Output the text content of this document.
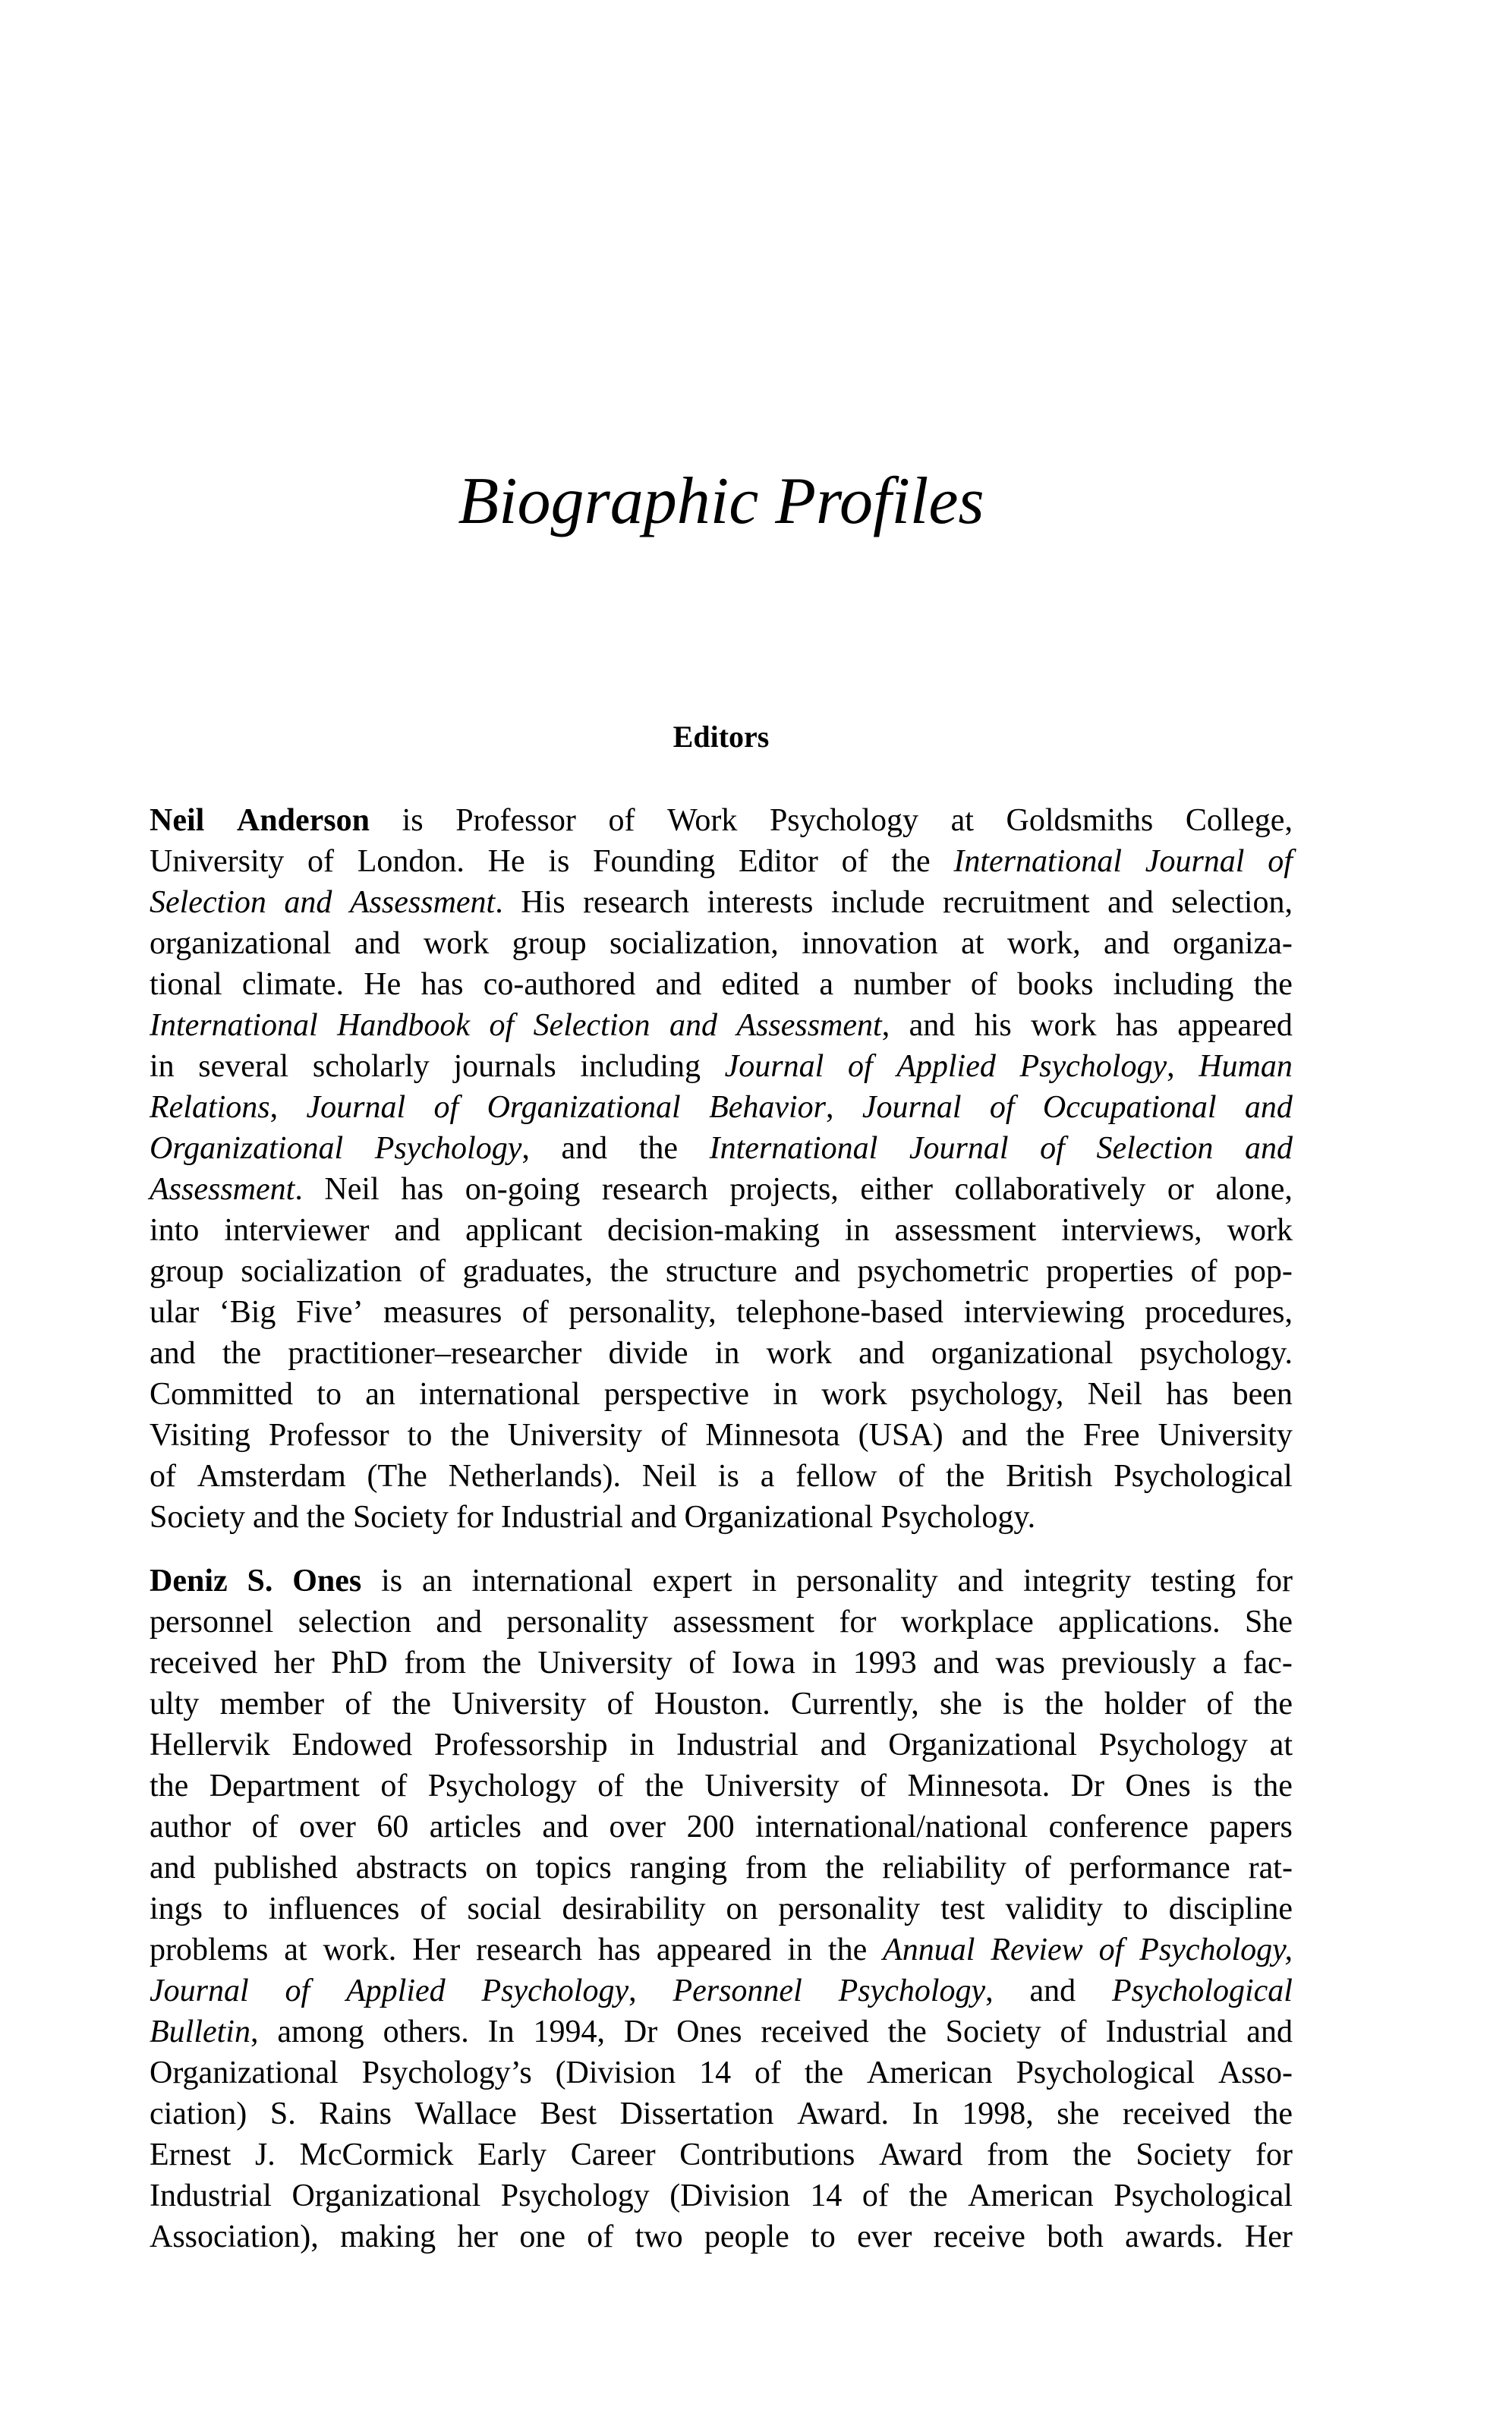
Biographic Profiles
Editors
Neil Anderson is Professor of Work Psychology at Goldsmiths College,
University of London. He is Founding Editor of the International Journal of
Selection and Assessment. His research interests include recruitment and selection,
organizational and work group socialization, innovation at work, and organiza-
tional climate. He has co-authored and edited a number of books including the
International Handbook of Selection and Assessment, and his work has appeared
in several scholarly journals including Journal of Applied Psychology, Human
Relations, Journal of Organizational Behavior, Journal of Occupational and
Organizational Psychology, and the International Journal of Selection and
Assessment. Neil has on-going research projects, either collaboratively or alone,
into interviewer and applicant decision-making in assessment interviews, work
group socialization of graduates, the structure and psychometric properties of pop-
ular ‘Big Five’ measures of personality, telephone-based interviewing procedures,
and the practitioner–researcher divide in work and organizational psychology.
Committed to an international perspective in work psychology, Neil has been
Visiting Professor to the University of Minnesota (USA) and the Free University
of Amsterdam (The Netherlands). Neil is a fellow of the British Psychological
Society and the Society for Industrial and Organizational Psychology.
Deniz S. Ones is an international expert in personality and integrity testing for
personnel selection and personality assessment for workplace applications. She
received her PhD from the University of Iowa in 1993 and was previously a fac-
ulty member of the University of Houston. Currently, she is the holder of the
Hellervik Endowed Professorship in Industrial and Organizational Psychology at
the Department of Psychology of the University of Minnesota. Dr Ones is the
author of over 60 articles and over 200 international/national conference papers
and published abstracts on topics ranging from the reliability of performance rat-
ings to influences of social desirability on personality test validity to discipline
problems at work. Her research has appeared in the Annual Review of Psychology,
Journal of Applied Psychology, Personnel Psychology, and Psychological
Bulletin, among others. In 1994, Dr Ones received the Society of Industrial and
Organizational Psychology’s (Division 14 of the American Psychological Asso-
ciation) S. Rains Wallace Best Dissertation Award. In 1998, she received the
Ernest J. McCormick Early Career Contributions Award from the Society for
Industrial Organizational Psychology (Division 14 of the American Psychological
Association), making her one of two people to ever receive both awards. Her
